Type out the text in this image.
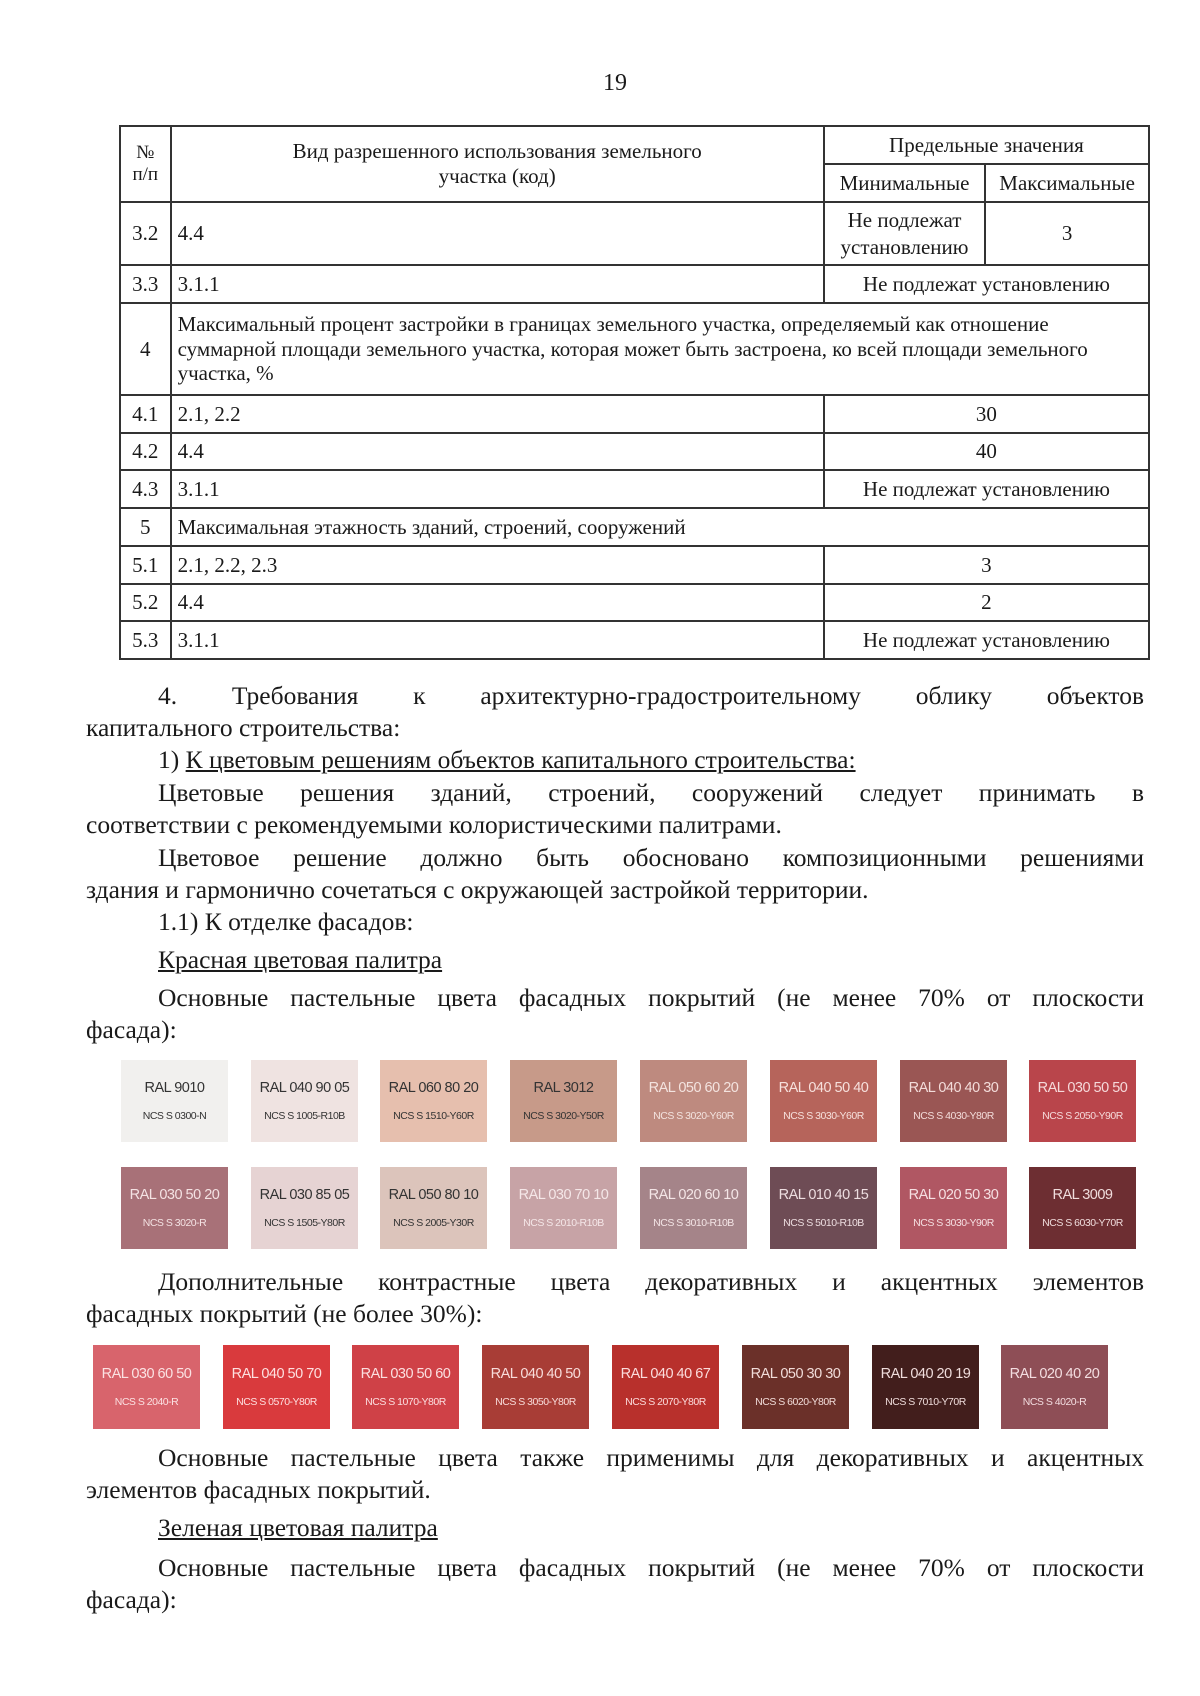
19
№ п/п	Вид разрешенного использования земельного участка (код)	Предельные значения	
		Минимальные	Максимальные
3.2	4.4	Не подлежат установлению	3
3.3	3.1.1	Не подлежат установлению	
4	Максимальный процент застройки в границах земельного участка, определяемый как отношение суммарной площади земельного участка, которая может быть застроена, ко всей площади земельного участка, %		
4.1	2.1, 2.2	30	
4.2	4.4	40	
4.3	3.1.1	Не подлежат установлению	
5	Максимальная этажность зданий, строений, сооружений		
5.1	2.1, 2.2, 2.3	3	
5.2	4.4	2	
5.3	3.1.1	Не подлежат установлению	
4. Требования к архитектурно-градостроительному облику объектов
капитального строительства:
1) К цветовым решениям объектов капитального строительства:
Цветовые решения зданий, строений, сооружений следует принимать в
соответствии с рекомендуемыми колористическими палитрами.
Цветовое решение должно быть обосновано композиционными решениями
здания и гармонично сочетаться с окружающей застройкой территории.
1.1) К отделке фасадов:
Красная цветовая палитра
Основные пастельные цвета фасадных покрытий (не менее 70% от плоскости
фасада):
RAL 9010
NCS S 0300-N
RAL 040 90 05
NCS S 1005-R10B
RAL 060 80 20
NCS S 1510-Y60R
RAL 3012
NCS S 3020-Y50R
RAL 050 60 20
NCS S 3020-Y60R
RAL 040 50 40
NCS S 3030-Y60R
RAL 040 40 30
NCS S 4030-Y80R
RAL 030 50 50
NCS S 2050-Y90R
RAL 030 50 20
NCS S 3020-R
RAL 030 85 05
NCS S 1505-Y80R
RAL 050 80 10
NCS S 2005-Y30R
RAL 030 70 10
NCS S 2010-R10B
RAL 020 60 10
NCS S 3010-R10B
RAL 010 40 15
NCS S 5010-R10B
RAL 020 50 30
NCS S 3030-Y90R
RAL 3009
NCS S 6030-Y70R
Дополнительные контрастные цвета декоративных и акцентных элементов
фасадных покрытий (не более 30%):
RAL 030 60 50
NCS S 2040-R
RAL 040 50 70
NCS S 0570-Y80R
RAL 030 50 60
NCS S 1070-Y80R
RAL 040 40 50
NCS S 3050-Y80R
RAL 040 40 67
NCS S 2070-Y80R
RAL 050 30 30
NCS S 6020-Y80R
RAL 040 20 19
NCS S 7010-Y70R
RAL 020 40 20
NCS S 4020-R
Основные пастельные цвета также применимы для декоративных и акцентных
элементов фасадных покрытий.
Зеленая цветовая палитра
Основные пастельные цвета фасадных покрытий (не менее 70% от плоскости
фасада):
